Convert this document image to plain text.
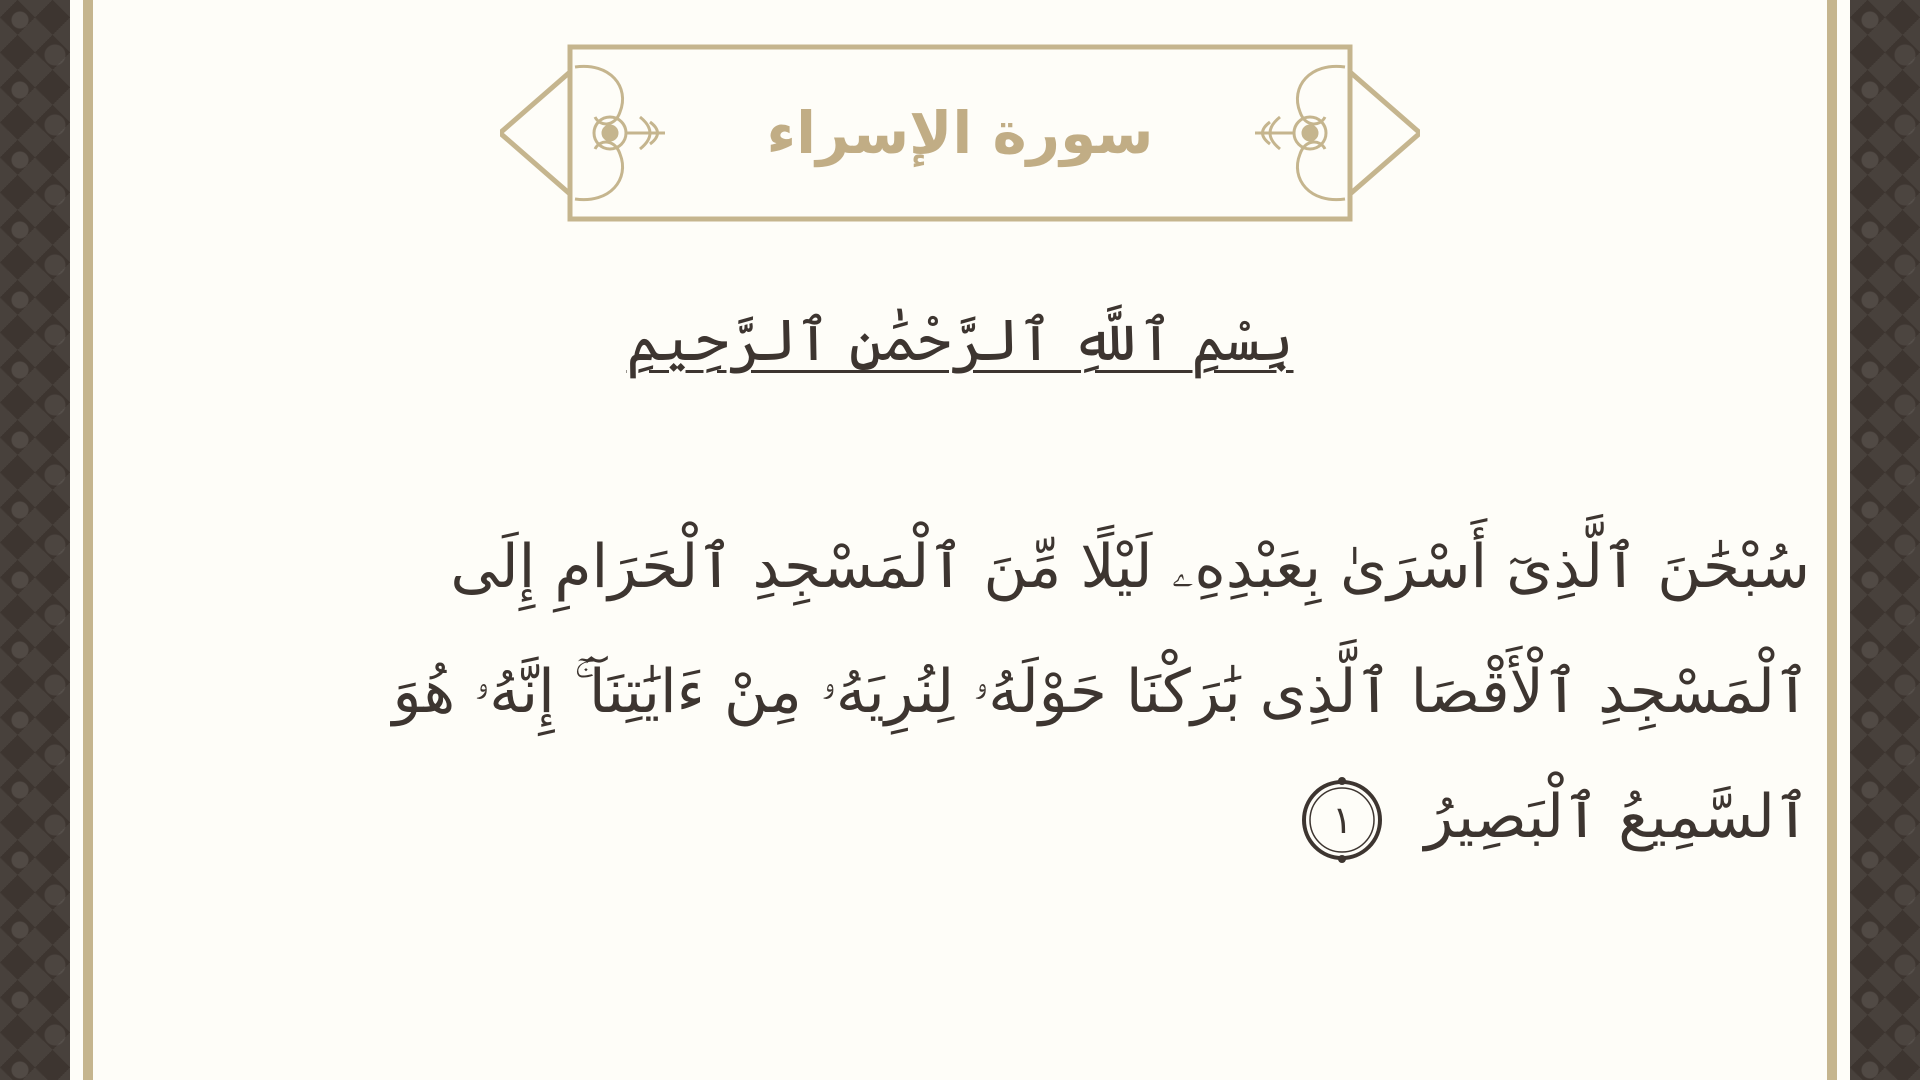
سورة الإسراء
بِسْمِ ٱللَّهِ ٱلرَّحْمَٰنِ ٱلرَّحِيمِ
سُبْحَٰنَ ٱلَّذِىٓ أَسْرَىٰ بِعَبْدِهِۦ لَيْلًا مِّنَ ٱلْمَسْجِدِ ٱلْحَرَامِ إِلَى ٱلْمَسْجِدِ ٱلْأَقْصَا ٱلَّذِى بَٰرَكْنَا حَوْلَهُۥ لِنُرِيَهُۥ مِنْ ءَايَٰتِنَآ ۚ إِنَّهُۥ هُوَ ٱلسَّمِيعُ ٱلْبَصِيرُ
١
